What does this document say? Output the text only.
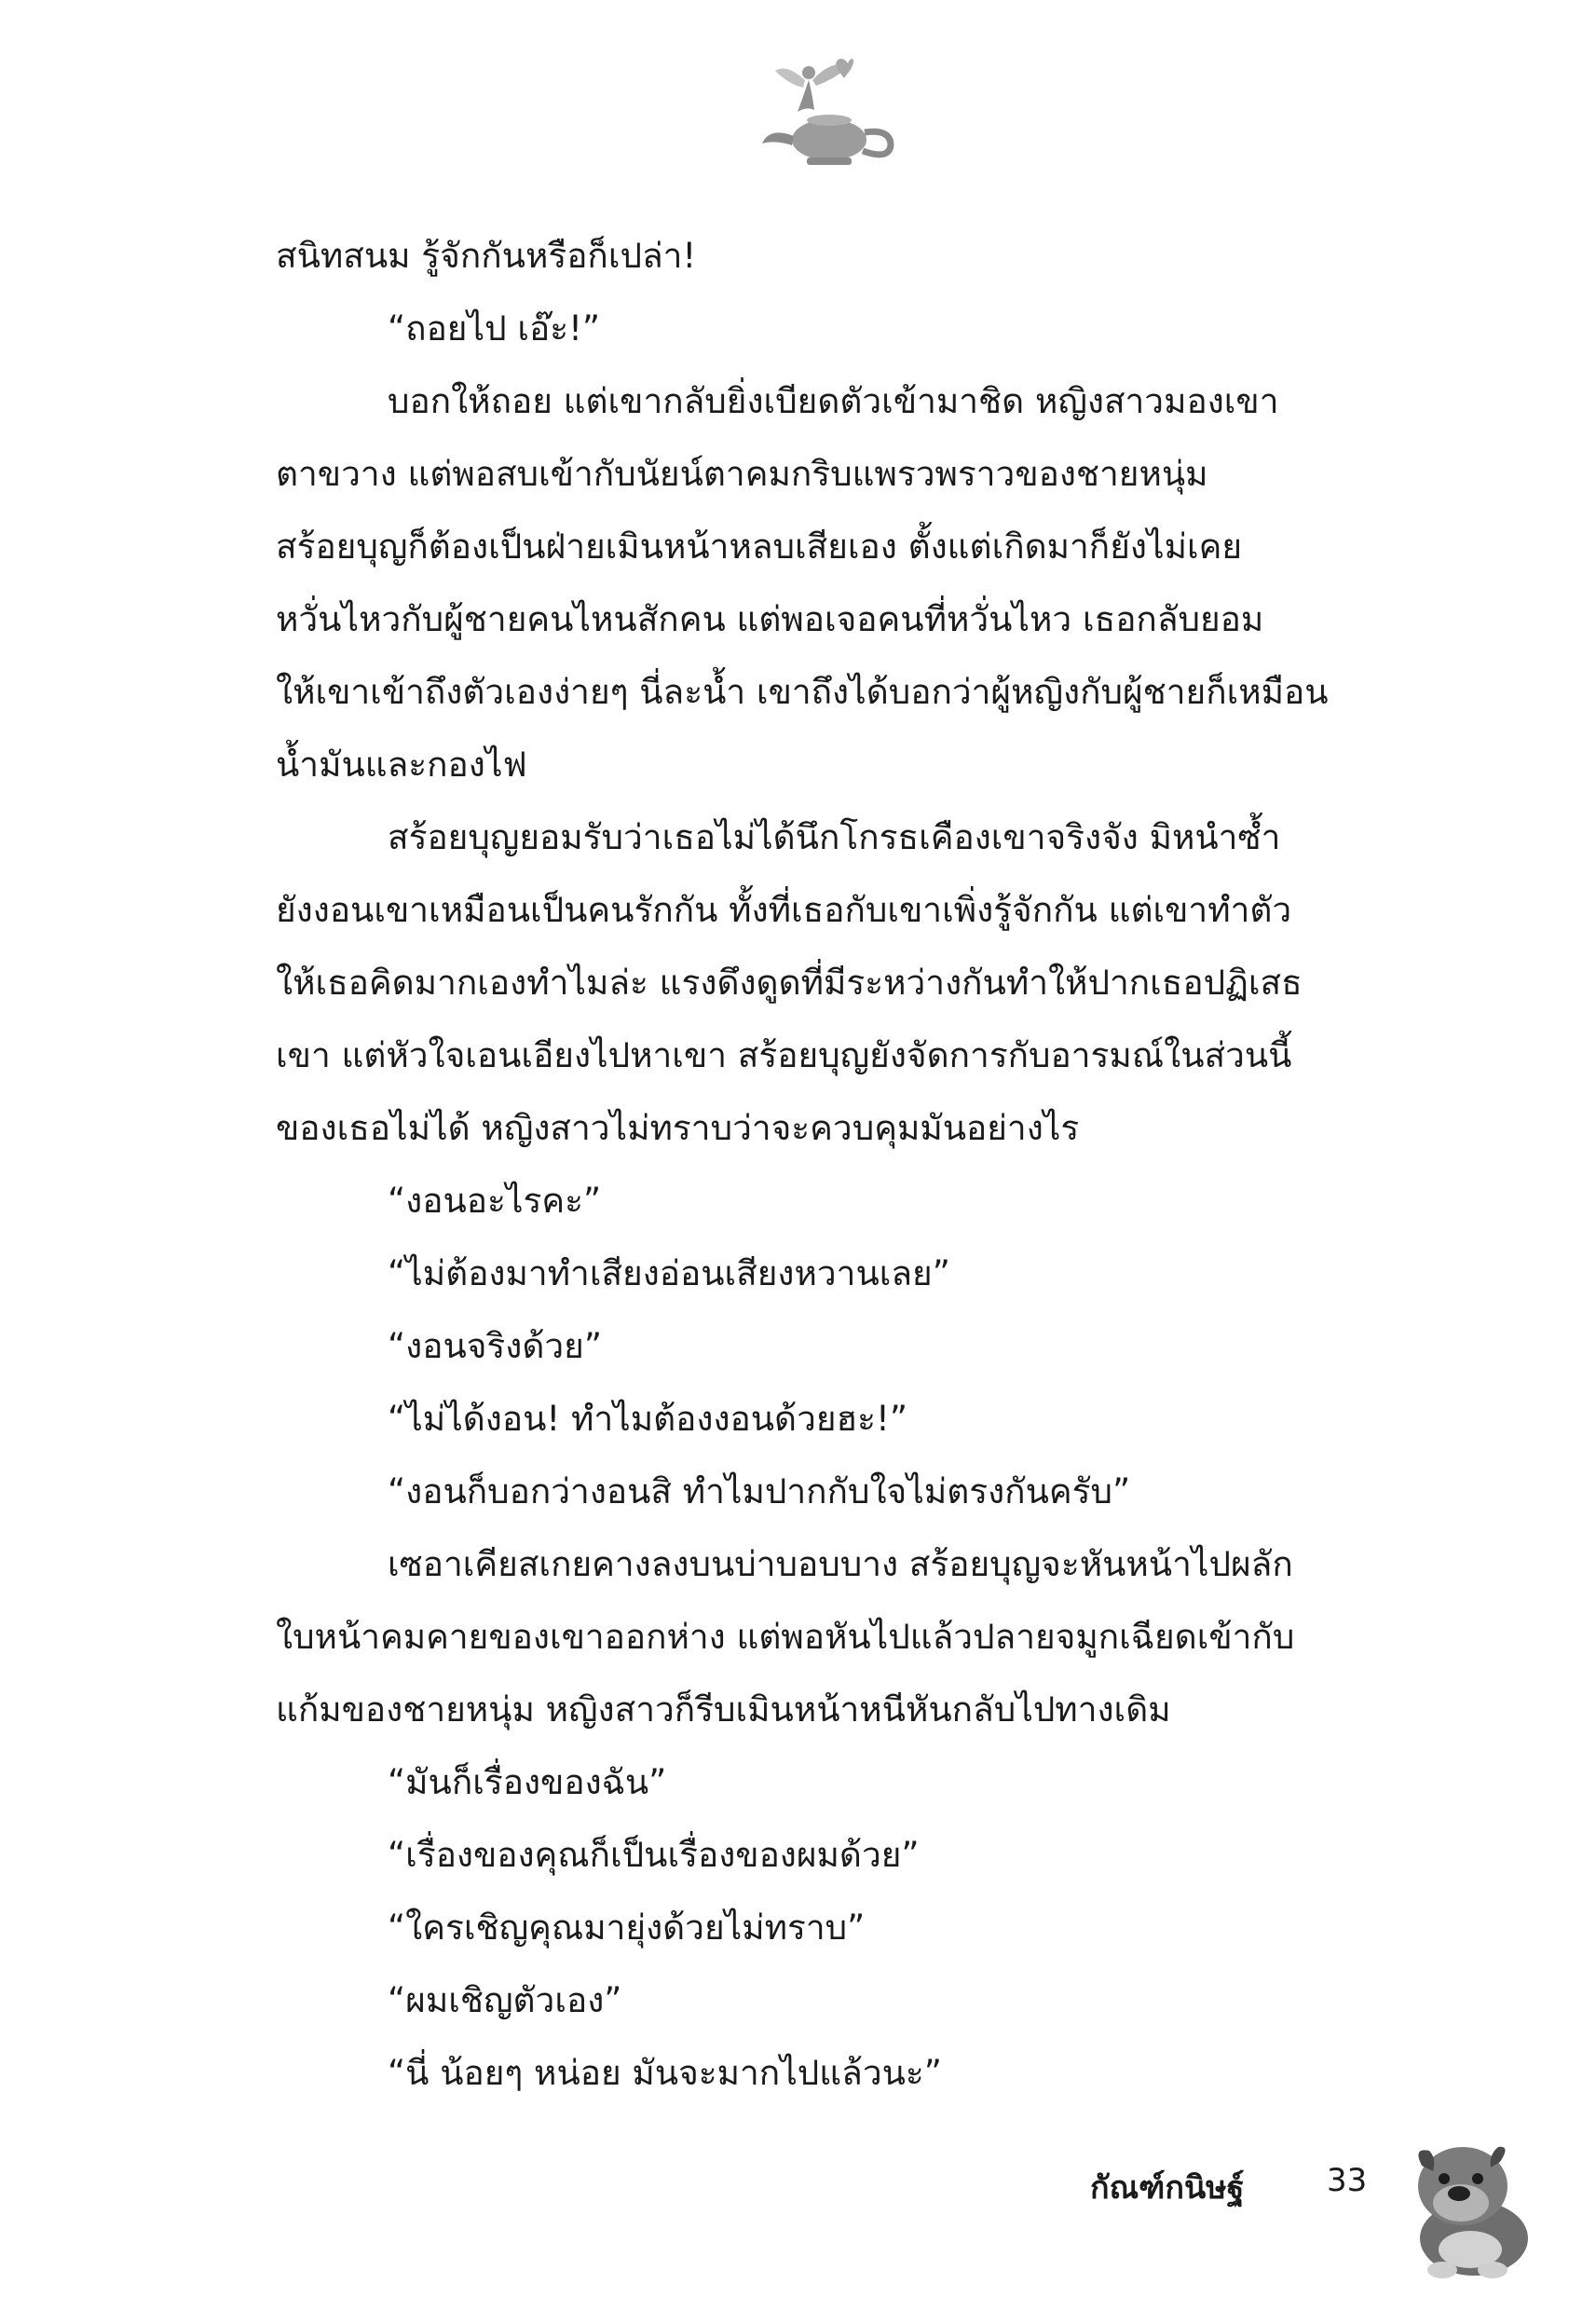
สนิทสนม รู้จักกันหรือก็เปล่า!
“ถอยไป เอ๊ะ!”
บอกให้ถอย แต่เขากลับยิ่งเบียดตัวเข้ามาชิด หญิงสาวมองเขา
ตาขวาง แต่พอสบเข้ากับนัยน์ตาคมกริบแพรวพราวของชายหนุ่ม
สร้อยบุญก็ต้องเป็นฝ่ายเมินหน้าหลบเสียเอง ตั้งแต่เกิดมาก็ยังไม่เคย
หวั่นไหวกับผู้ชายคนไหนสักคน แต่พอเจอคนที่หวั่นไหว เธอกลับยอม
ให้เขาเข้าถึงตัวเองง่ายๆ นี่ละน้ำ เขาถึงได้บอกว่าผู้หญิงกับผู้ชายก็เหมือน
น้ำมันและกองไฟ
สร้อยบุญยอมรับว่าเธอไม่ได้นึกโกรธเคืองเขาจริงจัง มิหนำซ้ำ
ยังงอนเขาเหมือนเป็นคนรักกัน ทั้งที่เธอกับเขาเพิ่งรู้จักกัน แต่เขาทำตัว
ให้เธอคิดมากเองทำไมล่ะ แรงดึงดูดที่มีระหว่างกันทำให้ปากเธอปฏิเสธ
เขา แต่หัวใจเอนเอียงไปหาเขา สร้อยบุญยังจัดการกับอารมณ์ในส่วนนี้
ของเธอไม่ได้ หญิงสาวไม่ทราบว่าจะควบคุมมันอย่างไร
“งอนอะไรคะ”
“ไม่ต้องมาทำเสียงอ่อนเสียงหวานเลย”
“งอนจริงด้วย”
“ไม่ได้งอน! ทำไมต้องงอนด้วยฮะ!”
“งอนก็บอกว่างอนสิ ทำไมปากกับใจไม่ตรงกันครับ”
เซอาเคียสเกยคางลงบนบ่าบอบบาง สร้อยบุญจะหันหน้าไปผลัก
ใบหน้าคมคายของเขาออกห่าง แต่พอหันไปแล้วปลายจมูกเฉียดเข้ากับ
แก้มของชายหนุ่ม หญิงสาวก็รีบเมินหน้าหนีหันกลับไปทางเดิม
“มันก็เรื่องของฉัน”
“เรื่องของคุณก็เป็นเรื่องของผมด้วย”
“ใครเชิญคุณมายุ่งด้วยไม่ทราบ”
“ผมเชิญตัวเอง”
“นี่ น้อยๆ หน่อย มันจะมากไปแล้วนะ”
กัณฑ์กนิษฐ์	33
